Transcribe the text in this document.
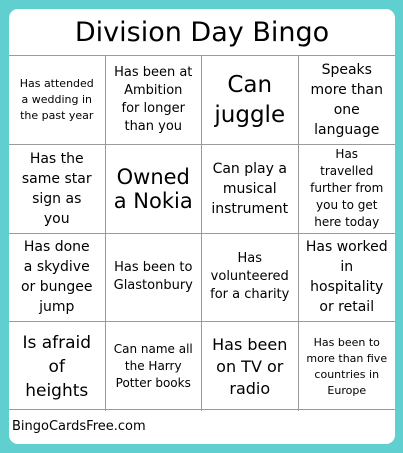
Division Day Bingo
Has attended a wedding in the past year
Has been at Ambition for longer than you
Can juggle
Speaks more than one language
Has the same star sign as you
Owned a Nokia
Can play a musical instrument
Has travelled further from you to get here today
Has done a skydive or bungee jump
Has been to Glastonbury
Has volunteered for a charity
Has worked in hospitality or retail
Is afraid of heights
Can name all the Harry Potter books
Has been on TV or radio
Has been to more than five countries in Europe
BingoCardsFree.com
